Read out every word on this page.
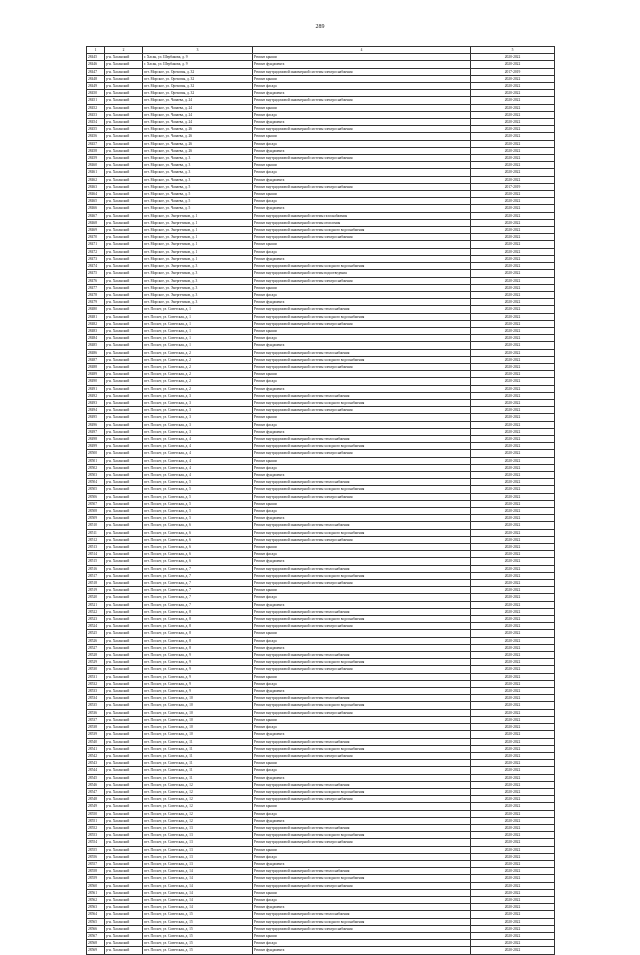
289
1	2	3	4	5
28445	р-н. Хасанский	г. Хасан, ул. Шербакова, д. 9	Ремонт крыши	2020-2022
28446	р-н. Хасанский	г. Хасан, ул. Шербакова, д. 9	Ремонт фундамента	2020-2022
28447	р-н. Хасанский	пгт. Морское, ул. Ореховая, д. 32	Ремонт внутридомовой инженерной системы электроснабжения	2017-2019
28448	р-н. Хасанский	пгт. Морское, ул. Ореховая, д. 32	Ремонт крыши	2020-2022
28449	р-н. Хасанский	пгт. Морское, ул. Ореховая, д. 32	Ремонт фасада	2020-2022
28450	р-н. Хасанский	пгт. Морское, ул. Ореховая, д. 32	Ремонт фундамента	2020-2022
28451	р-н. Хасанский	пгт. Морское, ул. Чапаева, д. 24	Ремонт внутридомовой инженерной системы электроснабжения	2020-2022
28452	р-н. Хасанский	пгт. Морское, ул. Чапаева, д. 24	Ремонт крыши	2020-2022
28453	р-н. Хасанский	пгт. Морское, ул. Чапаева, д. 24	Ремонт фасада	2020-2022
28454	р-н. Хасанский	пгт. Морское, ул. Чапаева, д. 24	Ремонт фундамента	2020-2022
28455	р-н. Хасанский	пгт. Морское, ул. Чапаева, д. 26	Ремонт внутридомовой инженерной системы электроснабжения	2020-2022
28456	р-н. Хасанский	пгт. Морское, ул. Чапаева, д. 26	Ремонт крыши	2020-2022
28457	р-н. Хасанский	пгт. Морское, ул. Чапаева, д. 26	Ремонт фасада	2020-2022
28458	р-н. Хасанский	пгт. Морское, ул. Чапаева, д. 26	Ремонт фундамента	2020-2022
28459	р-н. Хасанский	пгт. Морское, ул. Чапаева, д. 3	Ремонт внутридомовой инженерной системы электроснабжения	2020-2022
28460	р-н. Хасанский	пгт. Морское, ул. Чапаева, д. 3	Ремонт крыши	2020-2022
28461	р-н. Хасанский	пгт. Морское, ул. Чапаева, д. 3	Ремонт фасада	2020-2022
28462	р-н. Хасанский	пгт. Морское, ул. Чапаева, д. 3	Ремонт фундамента	2020-2022
28463	р-н. Хасанский	пгт. Морское, ул. Чапаева, д. 5	Ремонт внутридомовой инженерной системы электроснабжения	2017-2019
28464	р-н. Хасанский	пгт. Морское, ул. Чапаева, д. 5	Ремонт крыши	2020-2022
28465	р-н. Хасанский	пгт. Морское, ул. Чапаева, д. 5	Ремонт фасада	2020-2022
28466	р-н. Хасанский	пгт. Морское, ул. Чапаева, д. 5	Ремонт фундамента	2020-2022
28467	р-н. Хасанский	пгт. Морское, ул. Энергетиков, д. 1	Ремонт внутридомовой инженерной системы газоснабжения	2020-2022
28468	р-н. Хасанский	пгт. Морское, ул. Энергетиков, д. 1	Ремонт внутридомовой инженерной системы отопления	2020-2022
28469	р-н. Хасанский	пгт. Морское, ул. Энергетиков, д. 1	Ремонт внутридомовой инженерной системы холодного водоснабжения	2020-2022
28470	р-н. Хасанский	пгт. Морское, ул. Энергетиков, д. 1	Ремонт внутридомовой инженерной системы электроснабжения	2020-2022
28471	р-н. Хасанский	пгт. Морское, ул. Энергетиков, д. 1	Ремонт крыши	2020-2022
28472	р-н. Хасанский	пгт. Морское, ул. Энергетиков, д. 1	Ремонт фасада	2020-2022
28473	р-н. Хасанский	пгт. Морское, ул. Энергетиков, д. 1	Ремонт фундамента	2020-2022
28474	р-н. Хасанский	пгт. Морское, ул. Энергетиков, д. 3	Ремонт внутридомовой инженерной системы холодного водоснабжения	2020-2022
28475	р-н. Хасанский	пгт. Морское, ул. Энергетиков, д. 3	Ремонт внутридомовой инженерной системы водоотведения	2020-2022
28476	р-н. Хасанский	пгт. Морское, ул. Энергетиков, д. 3	Ремонт внутридомовой инженерной системы электроснабжения	2020-2022
28477	р-н. Хасанский	пгт. Морское, ул. Энергетиков, д. 3	Ремонт крыши	2020-2022
28478	р-н. Хасанский	пгт. Морское, ул. Энергетиков, д. 3	Ремонт фасада	2020-2022
28479	р-н. Хасанский	пгт. Морское, ул. Энергетиков, д. 3	Ремонт фундамента	2020-2022
28480	р-н. Хасанский	пгт. Посьет, ул. Советская, д. 1	Ремонт внутридомовой инженерной системы теплоснабжения	2020-2022
28481	р-н. Хасанский	пгт. Посьет, ул. Советская, д. 1	Ремонт внутридомовой инженерной системы холодного водоснабжения	2020-2022
28482	р-н. Хасанский	пгт. Посьет, ул. Советская, д. 1	Ремонт внутридомовой инженерной системы электроснабжения	2020-2022
28483	р-н. Хасанский	пгт. Посьет, ул. Советская, д. 1	Ремонт крыши	2020-2022
28484	р-н. Хасанский	пгт. Посьет, ул. Советская, д. 1	Ремонт фасада	2020-2022
28485	р-н. Хасанский	пгт. Посьет, ул. Советская, д. 1	Ремонт фундамента	2020-2022
28486	р-н. Хасанский	пгт. Посьет, ул. Советская, д. 2	Ремонт внутридомовой инженерной системы теплоснабжения	2020-2022
28487	р-н. Хасанский	пгт. Посьет, ул. Советская, д. 2	Ремонт внутридомовой инженерной системы холодного водоснабжения	2020-2022
28488	р-н. Хасанский	пгт. Посьет, ул. Советская, д. 2	Ремонт внутридомовой инженерной системы электроснабжения	2020-2022
28489	р-н. Хасанский	пгт. Посьет, ул. Советская, д. 2	Ремонт крыши	2020-2022
28490	р-н. Хасанский	пгт. Посьет, ул. Советская, д. 2	Ремонт фасада	2020-2022
28491	р-н. Хасанский	пгт. Посьет, ул. Советская, д. 2	Ремонт фундамента	2020-2022
28492	р-н. Хасанский	пгт. Посьет, ул. Советская, д. 3	Ремонт внутридомовой инженерной системы теплоснабжения	2020-2022
28493	р-н. Хасанский	пгт. Посьет, ул. Советская, д. 3	Ремонт внутридомовой инженерной системы холодного водоснабжения	2020-2022
28494	р-н. Хасанский	пгт. Посьет, ул. Советская, д. 3	Ремонт внутридомовой инженерной системы электроснабжения	2020-2022
28495	р-н. Хасанский	пгт. Посьет, ул. Советская, д. 3	Ремонт крыши	2020-2022
28496	р-н. Хасанский	пгт. Посьет, ул. Советская, д. 3	Ремонт фасада	2020-2022
28497	р-н. Хасанский	пгт. Посьет, ул. Советская, д. 3	Ремонт фундамента	2020-2022
28498	р-н. Хасанский	пгт. Посьет, ул. Советская, д. 4	Ремонт внутридомовой инженерной системы теплоснабжения	2020-2022
28499	р-н. Хасанский	пгт. Посьет, ул. Советская, д. 4	Ремонт внутридомовой инженерной системы холодного водоснабжения	2020-2022
28500	р-н. Хасанский	пгт. Посьет, ул. Советская, д. 4	Ремонт внутридомовой инженерной системы электроснабжения	2020-2022
28501	р-н. Хасанский	пгт. Посьет, ул. Советская, д. 4	Ремонт крыши	2020-2022
28502	р-н. Хасанский	пгт. Посьет, ул. Советская, д. 4	Ремонт фасада	2020-2022
28503	р-н. Хасанский	пгт. Посьет, ул. Советская, д. 4	Ремонт фундамента	2020-2022
28504	р-н. Хасанский	пгт. Посьет, ул. Советская, д. 5	Ремонт внутридомовой инженерной системы теплоснабжения	2020-2022
28505	р-н. Хасанский	пгт. Посьет, ул. Советская, д. 5	Ремонт внутридомовой инженерной системы холодного водоснабжения	2020-2022
28506	р-н. Хасанский	пгт. Посьет, ул. Советская, д. 5	Ремонт внутридомовой инженерной системы электроснабжения	2020-2022
28507	р-н. Хасанский	пгт. Посьет, ул. Советская, д. 5	Ремонт крыши	2020-2022
28508	р-н. Хасанский	пгт. Посьет, ул. Советская, д. 5	Ремонт фасада	2020-2022
28509	р-н. Хасанский	пгт. Посьет, ул. Советская, д. 5	Ремонт фундамента	2020-2022
28510	р-н. Хасанский	пгт. Посьет, ул. Советская, д. 6	Ремонт внутридомовой инженерной системы теплоснабжения	2020-2022
28511	р-н. Хасанский	пгт. Посьет, ул. Советская, д. 6	Ремонт внутридомовой инженерной системы холодного водоснабжения	2020-2022
28512	р-н. Хасанский	пгт. Посьет, ул. Советская, д. 6	Ремонт внутридомовой инженерной системы электроснабжения	2020-2022
28513	р-н. Хасанский	пгт. Посьет, ул. Советская, д. 6	Ремонт крыши	2020-2022
28514	р-н. Хасанский	пгт. Посьет, ул. Советская, д. 6	Ремонт фасада	2020-2022
28515	р-н. Хасанский	пгт. Посьет, ул. Советская, д. 6	Ремонт фундамента	2020-2022
28516	р-н. Хасанский	пгт. Посьет, ул. Советская, д. 7	Ремонт внутридомовой инженерной системы теплоснабжения	2020-2022
28517	р-н. Хасанский	пгт. Посьет, ул. Советская, д. 7	Ремонт внутридомовой инженерной системы холодного водоснабжения	2020-2022
28518	р-н. Хасанский	пгт. Посьет, ул. Советская, д. 7	Ремонт внутридомовой инженерной системы электроснабжения	2020-2022
28519	р-н. Хасанский	пгт. Посьет, ул. Советская, д. 7	Ремонт крыши	2020-2022
28520	р-н. Хасанский	пгт. Посьет, ул. Советская, д. 7	Ремонт фасада	2020-2022
28521	р-н. Хасанский	пгт. Посьет, ул. Советская, д. 7	Ремонт фундамента	2020-2022
28522	р-н. Хасанский	пгт. Посьет, ул. Советская, д. 8	Ремонт внутридомовой инженерной системы теплоснабжения	2020-2022
28523	р-н. Хасанский	пгт. Посьет, ул. Советская, д. 8	Ремонт внутридомовой инженерной системы холодного водоснабжения	2020-2022
28524	р-н. Хасанский	пгт. Посьет, ул. Советская, д. 8	Ремонт внутридомовой инженерной системы электроснабжения	2020-2022
28525	р-н. Хасанский	пгт. Посьет, ул. Советская, д. 8	Ремонт крыши	2020-2022
28526	р-н. Хасанский	пгт. Посьет, ул. Советская, д. 8	Ремонт фасада	2020-2022
28527	р-н. Хасанский	пгт. Посьет, ул. Советская, д. 8	Ремонт фундамента	2020-2022
28528	р-н. Хасанский	пгт. Посьет, ул. Советская, д. 9	Ремонт внутридомовой инженерной системы теплоснабжения	2020-2022
28529	р-н. Хасанский	пгт. Посьет, ул. Советская, д. 9	Ремонт внутридомовой инженерной системы холодного водоснабжения	2020-2022
28530	р-н. Хасанский	пгт. Посьет, ул. Советская, д. 9	Ремонт внутридомовой инженерной системы электроснабжения	2020-2022
28531	р-н. Хасанский	пгт. Посьет, ул. Советская, д. 9	Ремонт крыши	2020-2022
28532	р-н. Хасанский	пгт. Посьет, ул. Советская, д. 9	Ремонт фасада	2020-2022
28533	р-н. Хасанский	пгт. Посьет, ул. Советская, д. 9	Ремонт фундамента	2020-2022
28534	р-н. Хасанский	пгт. Посьет, ул. Советская, д. 10	Ремонт внутридомовой инженерной системы теплоснабжения	2020-2022
28535	р-н. Хасанский	пгт. Посьет, ул. Советская, д. 10	Ремонт внутридомовой инженерной системы холодного водоснабжения	2020-2022
28536	р-н. Хасанский	пгт. Посьет, ул. Советская, д. 10	Ремонт внутридомовой инженерной системы электроснабжения	2020-2022
28537	р-н. Хасанский	пгт. Посьет, ул. Советская, д. 10	Ремонт крыши	2020-2022
28538	р-н. Хасанский	пгт. Посьет, ул. Советская, д. 10	Ремонт фасада	2020-2022
28539	р-н. Хасанский	пгт. Посьет, ул. Советская, д. 10	Ремонт фундамента	2020-2022
28540	р-н. Хасанский	пгт. Посьет, ул. Советская, д. 11	Ремонт внутридомовой инженерной системы теплоснабжения	2020-2022
28541	р-н. Хасанский	пгт. Посьет, ул. Советская, д. 11	Ремонт внутридомовой инженерной системы холодного водоснабжения	2020-2022
28542	р-н. Хасанский	пгт. Посьет, ул. Советская, д. 11	Ремонт внутридомовой инженерной системы электроснабжения	2020-2022
28543	р-н. Хасанский	пгт. Посьет, ул. Советская, д. 11	Ремонт крыши	2020-2022
28544	р-н. Хасанский	пгт. Посьет, ул. Советская, д. 11	Ремонт фасада	2020-2022
28545	р-н. Хасанский	пгт. Посьет, ул. Советская, д. 11	Ремонт фундамента	2020-2022
28546	р-н. Хасанский	пгт. Посьет, ул. Советская, д. 12	Ремонт внутридомовой инженерной системы теплоснабжения	2020-2022
28547	р-н. Хасанский	пгт. Посьет, ул. Советская, д. 12	Ремонт внутридомовой инженерной системы холодного водоснабжения	2020-2022
28548	р-н. Хасанский	пгт. Посьет, ул. Советская, д. 12	Ремонт внутридомовой инженерной системы электроснабжения	2020-2022
28549	р-н. Хасанский	пгт. Посьет, ул. Советская, д. 12	Ремонт крыши	2020-2022
28550	р-н. Хасанский	пгт. Посьет, ул. Советская, д. 12	Ремонт фасада	2020-2022
28551	р-н. Хасанский	пгт. Посьет, ул. Советская, д. 12	Ремонт фундамента	2020-2022
28552	р-н. Хасанский	пгт. Посьет, ул. Советская, д. 13	Ремонт внутридомовой инженерной системы теплоснабжения	2020-2022
28553	р-н. Хасанский	пгт. Посьет, ул. Советская, д. 13	Ремонт внутридомовой инженерной системы холодного водоснабжения	2020-2022
28554	р-н. Хасанский	пгт. Посьет, ул. Советская, д. 13	Ремонт внутридомовой инженерной системы электроснабжения	2020-2022
28555	р-н. Хасанский	пгт. Посьет, ул. Советская, д. 13	Ремонт крыши	2020-2022
28556	р-н. Хасанский	пгт. Посьет, ул. Советская, д. 13	Ремонт фасада	2020-2022
28557	р-н. Хасанский	пгт. Посьет, ул. Советская, д. 13	Ремонт фундамента	2020-2022
28558	р-н. Хасанский	пгт. Посьет, ул. Советская, д. 14	Ремонт внутридомовой инженерной системы теплоснабжения	2020-2022
28559	р-н. Хасанский	пгт. Посьет, ул. Советская, д. 14	Ремонт внутридомовой инженерной системы холодного водоснабжения	2020-2022
28560	р-н. Хасанский	пгт. Посьет, ул. Советская, д. 14	Ремонт внутридомовой инженерной системы электроснабжения	2020-2022
28561	р-н. Хасанский	пгт. Посьет, ул. Советская, д. 14	Ремонт крыши	2020-2022
28562	р-н. Хасанский	пгт. Посьет, ул. Советская, д. 14	Ремонт фасада	2020-2022
28563	р-н. Хасанский	пгт. Посьет, ул. Советская, д. 14	Ремонт фундамента	2020-2022
28564	р-н. Хасанский	пгт. Посьет, ул. Советская, д. 15	Ремонт внутридомовой инженерной системы теплоснабжения	2020-2022
28565	р-н. Хасанский	пгт. Посьет, ул. Советская, д. 15	Ремонт внутридомовой инженерной системы холодного водоснабжения	2020-2022
28566	р-н. Хасанский	пгт. Посьет, ул. Советская, д. 15	Ремонт внутридомовой инженерной системы электроснабжения	2020-2022
28567	р-н. Хасанский	пгт. Посьет, ул. Советская, д. 15	Ремонт крыши	2020-2022
28568	р-н. Хасанский	пгт. Посьет, ул. Советская, д. 15	Ремонт фасада	2020-2022
28569	р-н. Хасанский	пгт. Посьет, ул. Советская, д. 15	Ремонт фундамента	2020-2022
